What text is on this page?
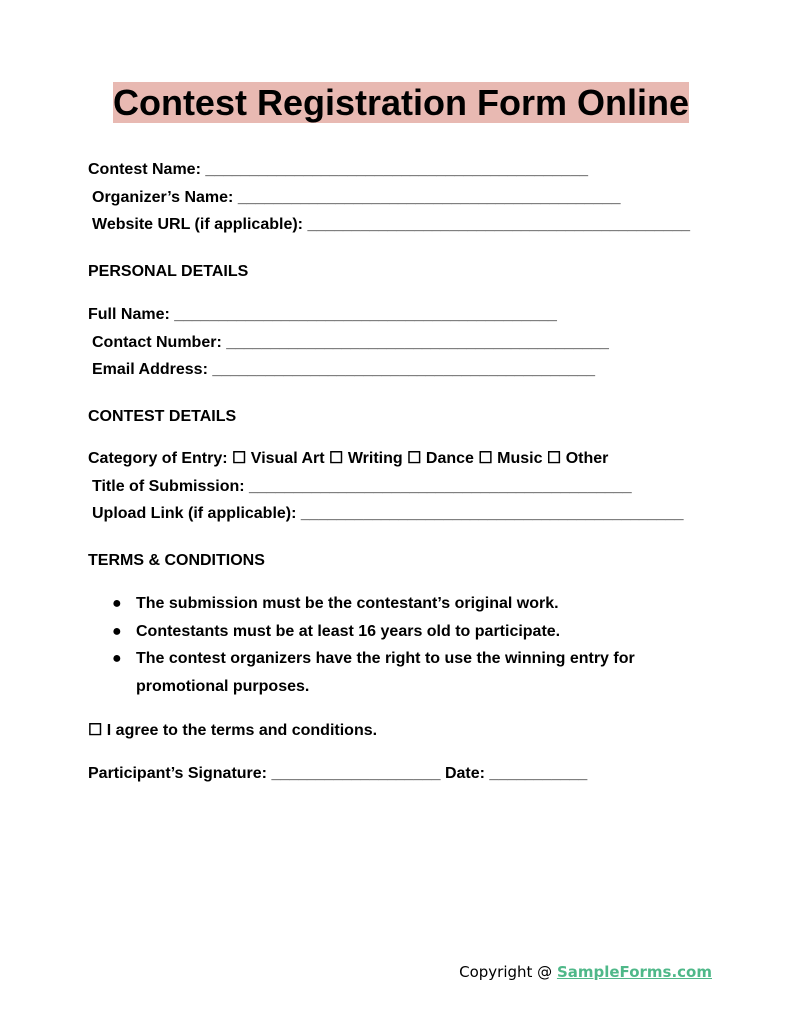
Contest Registration Form Online
Contest Name: ___________________________________________
Organizer’s Name: ___________________________________________
Website URL (if applicable): ___________________________________________
PERSONAL DETAILS
Full Name: ___________________________________________
Contact Number: ___________________________________________
Email Address: ___________________________________________
CONTEST DETAILS
Category of Entry: ☐ Visual Art ☐ Writing ☐ Dance ☐ Music ☐ Other
Title of Submission: ___________________________________________
Upload Link (if applicable): ___________________________________________
TERMS & CONDITIONS
● The submission must be the contestant’s original work.
● Contestants must be at least 16 years old to participate.
● The contest organizers have the right to use the winning entry for
promotional purposes.
☐ I agree to the terms and conditions.
Participant’s Signature: ___________________ Date: ___________
Copyright @ SampleForms.com
